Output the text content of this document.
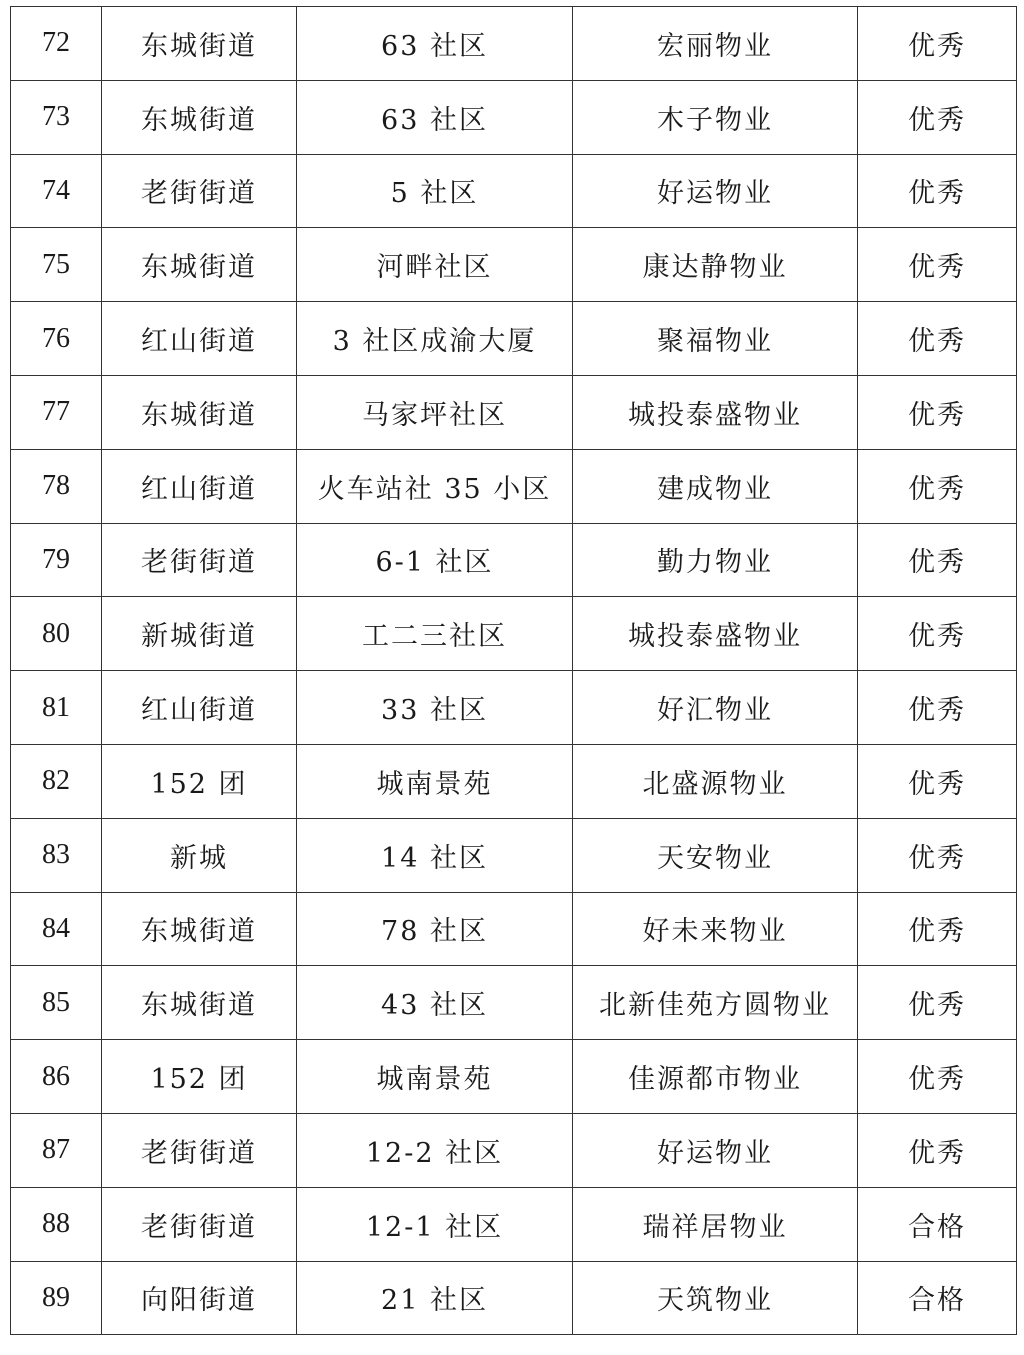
72	东城街道	63 社区	宏丽物业	优秀
73	东城街道	63 社区	木子物业	优秀
74	老街街道	5 社区	好运物业	优秀
75	东城街道	河畔社区	康达静物业	优秀
76	红山街道	3 社区成渝大厦	聚福物业	优秀
77	东城街道	马家坪社区	城投泰盛物业	优秀
78	红山街道	火车站社 35 小区	建成物业	优秀
79	老街街道	6-1 社区	勤力物业	优秀
80	新城街道	工二三社区	城投泰盛物业	优秀
81	红山街道	33 社区	好汇物业	优秀
82	152 团	城南景苑	北盛源物业	优秀
83	新城	14 社区	天安物业	优秀
84	东城街道	78 社区	好未来物业	优秀
85	东城街道	43 社区	北新佳苑方圆物业	优秀
86	152 团	城南景苑	佳源都市物业	优秀
87	老街街道	12-2 社区	好运物业	优秀
88	老街街道	12-1 社区	瑞祥居物业	合格
89	向阳街道	21 社区	天筑物业	合格
